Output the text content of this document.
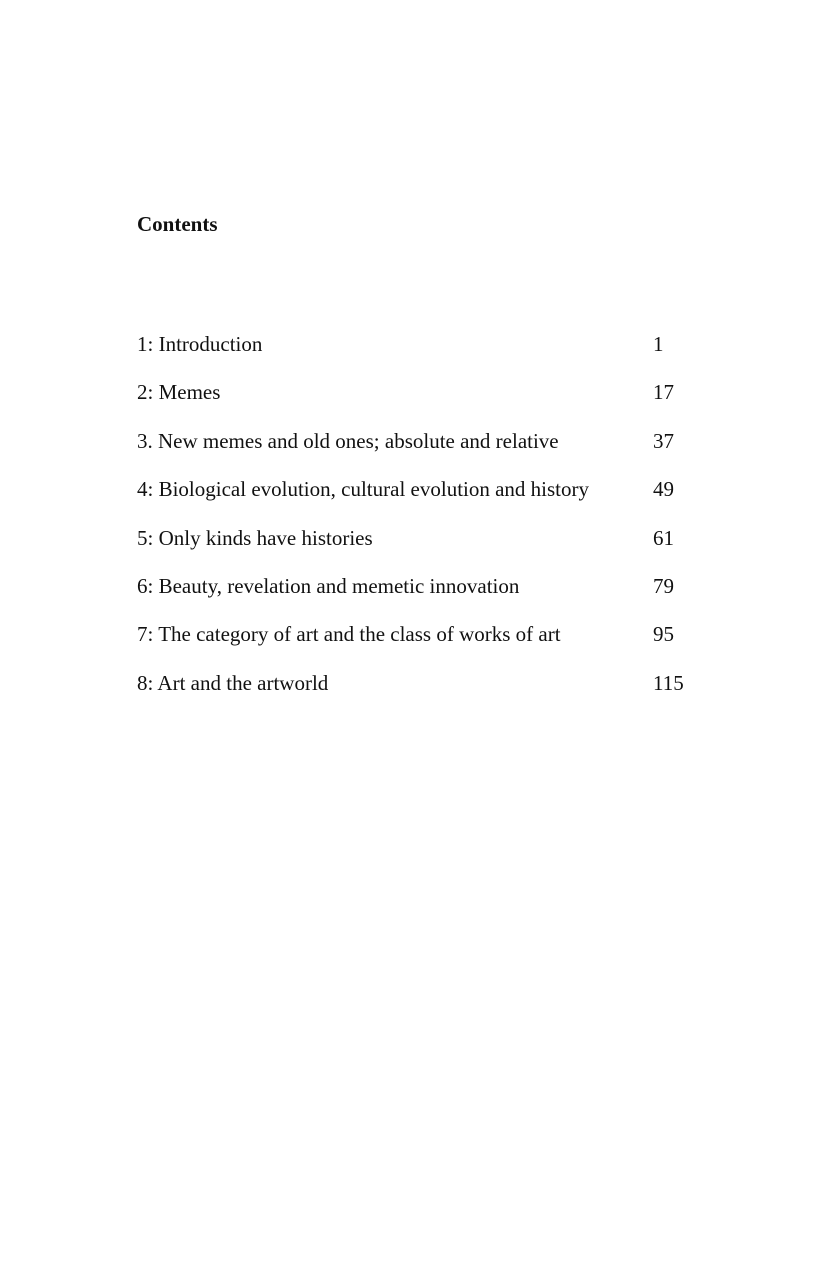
Contents
1: Introduction	1
2: Memes	17
3. New memes and old ones; absolute and relative	37
4: Biological evolution, cultural evolution and history	49
5: Only kinds have histories	61
6: Beauty, revelation and memetic innovation	79
7: The category of art and the class of works of art	95
8: Art and the artworld	115
